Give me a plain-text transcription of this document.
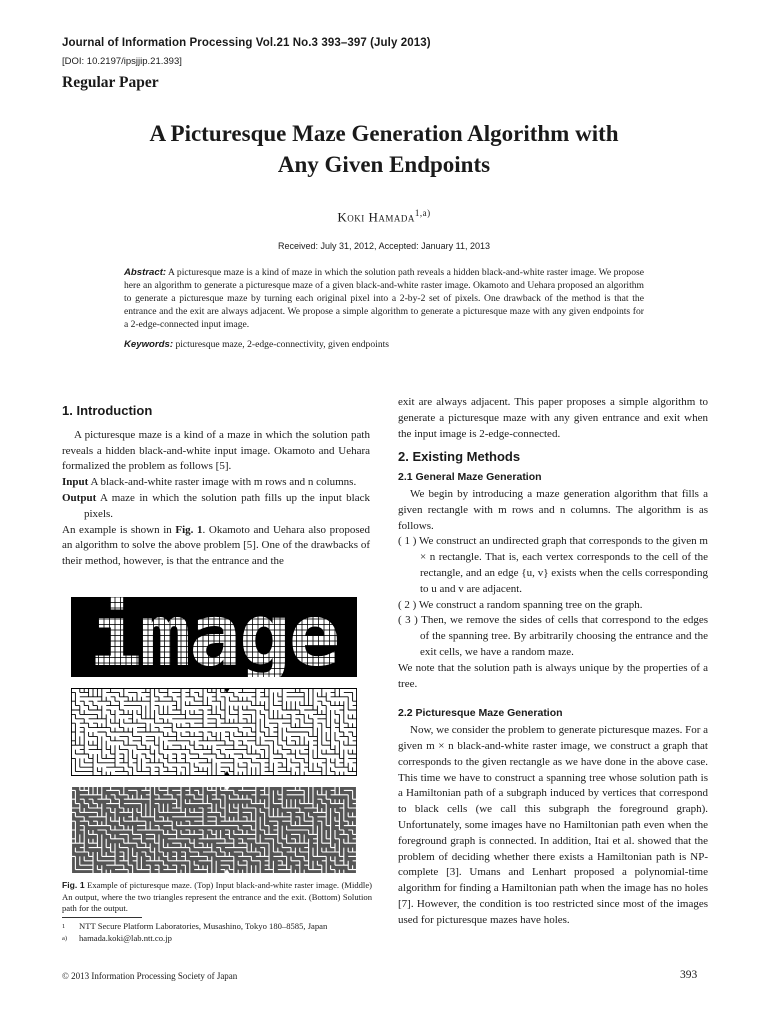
Journal of Information Processing Vol.21 No.3 393–397 (July 2013)
[DOI: 10.2197/ipsjjip.21.393]
Regular Paper
A Picturesque Maze Generation Algorithm with
Any Given Endpoints
Koki Hamada$^{1,a)}$
Received: July 31, 2012, Accepted: January 11, 2013
Abstract: A picturesque maze is a kind of maze in which the solution path reveals a hidden black-and-white raster image. We propose here an algorithm to generate a picturesque maze of a given black-and-white raster image. Okamoto and Uehara proposed an algorithm to generate a picturesque maze by turning each original pixel into a 2-by-2 set of pixels. One drawback of the method is that the entrance and the exit are always adjacent. We propose a simple algorithm to generate a picturesque maze with any given endpoints for a 2-edge-connected input image.
Keywords: picturesque maze, 2-edge-connectivity, given endpoints

1. Introduction

A picturesque maze is a kind of a maze in which the solution path reveals a hidden black-and-white input image. Okamoto and Uehara formalized the problem as follows [5].

Input A black-and-white raster image with m rows and n columns.

Output A maze in which the solution path fills up the input black pixels.

An example is shown in Fig. 1. Okamoto and Uehara also proposed an algorithm to solve the above problem [5]. One of the drawbacks of their method, however, is that the entrance and the

Fig. 1 Example of picturesque maze. (Top) Input black-and-white raster image. (Middle) An output, where the two triangles represent the entrance and the exit. (Bottom) Solution path for the output.
1 NTT Secure Platform Laboratories, Musashino, Tokyo 180–8585, Japan
a) hamada.koki@lab.ntt.co.jp

exit are always adjacent. This paper proposes a simple algorithm to generate a picturesque maze with any given entrance and exit when the input image is 2-edge-connected.

2. Existing Methods

2.1 General Maze Generation

We begin by introducing a maze generation algorithm that fills a given rectangle with m rows and n columns. The algorithm is as follows.

( 1 ) We construct an undirected graph that corresponds to the given m × n rectangle. That is, each vertex corresponds to the cell of the rectangle, and an edge {u, v} exists when the cells corresponding to u and v are adjacent.

( 2 ) We construct a random spanning tree on the graph.

( 3 ) Then, we remove the sides of cells that correspond to the edges of the spanning tree. By arbitrarily choosing the entrance and the exit cells, we have a random maze.

We note that the solution path is always unique by the properties of a tree.

2.2 Picturesque Maze Generation

Now, we consider the problem to generate picturesque mazes. For a given m × n black-and-white raster image, we construct a graph that corresponds to the given rectangle as we have done in the above case. This time we have to construct a spanning tree whose solution path is a Hamiltonian path of a subgraph induced by vertices that correspond to black cells (we call this subgraph the foreground graph). Unfortunately, some images have no Hamiltonian path even when the foreground graph is connected. In addition, Itai et al. showed that the problem of deciding whether there exists a Hamiltonian path is NP-complete [3]. Umans and Lenhart proposed a polynomial-time algorithm for finding a Hamiltonian path when the image has no holes [7]. However, the condition is too restricted since most of the images used for picturesque mazes have holes.

© 2013 Information Processing Society of Japan	393
